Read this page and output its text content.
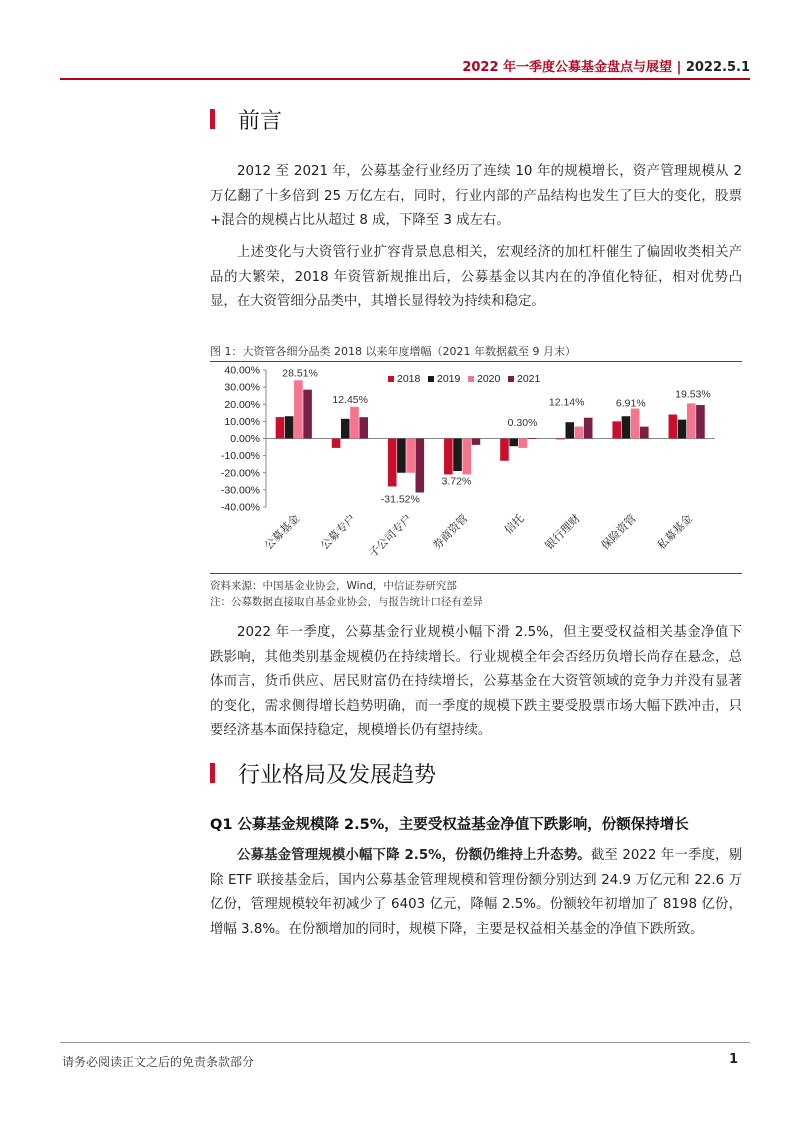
2022 年一季度公募基金盘点与展望 | 2022.5.1
前言

2012 至 2021 年，公募基金行业经历了连续 10 年的规模增长，资产管理规模从 2 万亿翻了十多倍到 25 万亿左右，同时，行业内部的产品结构也发生了巨大的变化，股票+混合的规模占比从超过 8 成，下降至 3 成左右。

上述变化与大资管行业扩容背景息息相关，宏观经济的加杠杆催生了偏固收类相关产品的大繁荣，2018 年资管新规推出后，公募基金以其内在的净值化特征，相对优势凸显，在大资管细分品类中，其增长显得较为持续和稳定。

图 1：大资管各细分品类 2018 以来年度增幅（2021 年数据截至 9 月末）
-40.00%
-30.00%
-20.00%
-10.00%
0.00%
10.00%
20.00%
30.00%
40.00%
公募基金 公募专户 子公司专户 券商资管	信托 银行理财 保险资管 私募基金
28.51%
12.45%
-31.52%
3.72%
0.30%
12.14%	6.91%
19.53%
2018 2019 2020 2021
资料来源：中国基金业协会，Wind，中信证券研究部
注：公募数据直接取自基金业协会，与报告统计口径有差异

2022 年一季度，公募基金行业规模小幅下滑 2.5%，但主要受权益相关基金净值下跌影响，其他类别基金规模仍在持续增长。行业规模全年会否经历负增长尚存在悬念，总体而言，货币供应、居民财富仍在持续增长，公募基金在大资管领域的竞争力并没有显著的变化，需求侧得增长趋势明确，而一季度的规模下跌主要受股票市场大幅下跌冲击，只要经济基本面保持稳定，规模增长仍有望持续。

行业格局及发展趋势
Q1 公募基金规模降 2.5%，主要受权益基金净值下跌影响，份额保持增长

公募基金管理规模小幅下降 2.5%，份额仍维持上升态势。截至 2022 年一季度，剔除 ETF 联接基金后，国内公募基金管理规模和管理份额分别达到 24.9 万亿元和 22.6 万亿份，管理规模较年初减少了 6403 亿元，降幅 2.5%。份额较年初增加了 8198 亿份，增幅 3.8%。在份额增加的同时，规模下降，主要是权益相关基金的净值下跌所致。

请务必阅读正文之后的免责条款部分	1
